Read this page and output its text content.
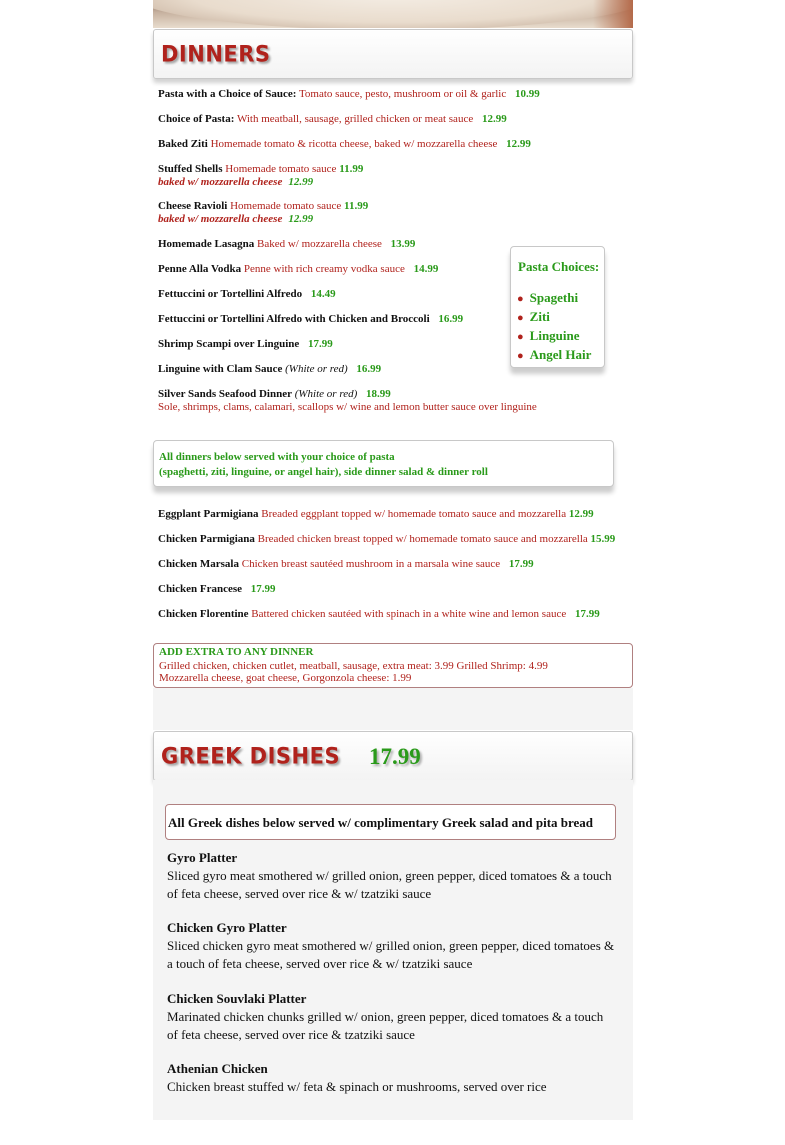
DINNERS
Pasta with a Choice of Sauce: Tomato sauce, pesto, mushroom or oil & garlic 10.99
Choice of Pasta: With meatball, sausage, grilled chicken or meat sauce 12.99
Baked Ziti Homemade tomato & ricotta cheese, baked w/ mozzarella cheese 12.99
Stuffed Shells Homemade tomato sauce 11.99
baked w/ mozzarella cheese 12.99
Cheese Ravioli Homemade tomato sauce 11.99
baked w/ mozzarella cheese 12.99
Homemade Lasagna Baked w/ mozzarella cheese 13.99
Penne Alla Vodka Penne with rich creamy vodka sauce 14.99
Fettuccini or Tortellini Alfredo 14.49
Fettuccini or Tortellini Alfredo with Chicken and Broccoli 16.99
Shrimp Scampi over Linguine 17.99
Linguine with Clam Sauce (White or red) 16.99
Silver Sands Seafood Dinner (White or red) 18.99
Sole, shrimps, clams, calamari, scallops w/ wine and lemon butter sauce over linguine
Pasta Choices:
● Spagethi
● Ziti
● Linguine
● Angel Hair
All dinners below served with your choice of pasta
(spaghetti, ziti, linguine, or angel hair), side dinner salad & dinner roll
Eggplant Parmigiana Breaded eggplant topped w/ homemade tomato sauce and mozzarella 12.99
Chicken Parmigiana Breaded chicken breast topped w/ homemade tomato sauce and mozzarella 15.99
Chicken Marsala Chicken breast sautéed mushroom in a marsala wine sauce 17.99
Chicken Francese 17.99
Chicken Florentine Battered chicken sautéed with spinach in a white wine and lemon sauce 17.99
ADD EXTRA TO ANY DINNER
Grilled chicken, chicken cutlet, meatball, sausage, extra meat: 3.99 Grilled Shrimp: 4.99
Mozzarella cheese, goat cheese, Gorgonzola cheese: 1.99
GREEK DISHES 17.99
All Greek dishes below served w/ complimentary Greek salad and pita bread
Gyro Platter
Sliced gyro meat smothered w/ grilled onion, green pepper, diced tomatoes & a touch of feta cheese, served over rice & w/ tzatziki sauce
Chicken Gyro Platter
Sliced chicken gyro meat smothered w/ grilled onion, green pepper, diced tomatoes & a touch of feta cheese, served over rice & w/ tzatziki sauce
Chicken Souvlaki Platter
Marinated chicken chunks grilled w/ onion, green pepper, diced tomatoes & a touch of feta cheese, served over rice & tzatziki sauce
Athenian Chicken
Chicken breast stuffed w/ feta & spinach or mushrooms, served over rice
